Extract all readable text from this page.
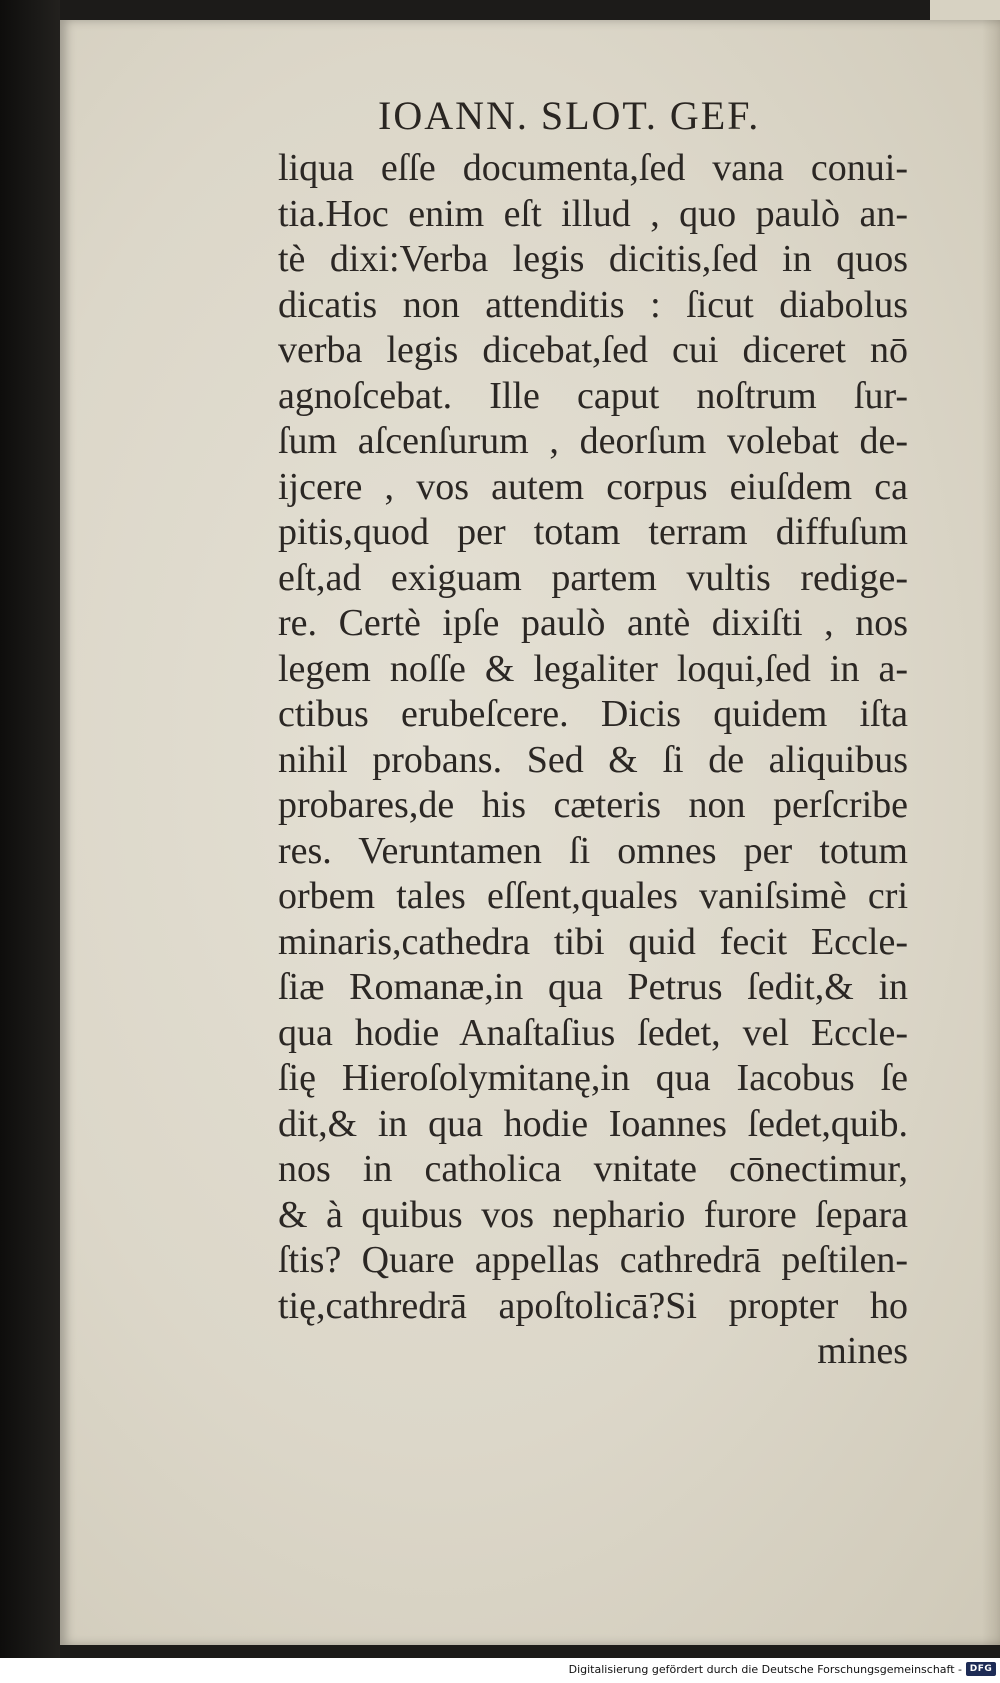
IOANN. SLOT. GEF.
liqua eſſe documenta,ſed vana conui-
tia.Hoc enim eſt illud , quo paulò an-
tè dixi:Verba legis dicitis,ſed in quos
dicatis non attenditis : ſicut diabolus
verba legis dicebat,ſed cui diceret nō
agnoſcebat. Ille caput noſtrum ſur-
ſum aſcenſurum , deorſum volebat de-
ijcere , vos autem corpus eiuſdem ca
pitis,quod per totam terram diffuſum
eſt,ad exiguam partem vultis redige-
re. Certè ipſe paulò antè dixiſti , nos
legem noſſe & legaliter loqui,ſed in a-
ctibus erubeſcere. Dicis quidem iſta
nihil probans. Sed & ſi de aliquibus
probares,de his cæteris non perſcribe
res. Veruntamen ſi omnes per totum
orbem tales eſſent,quales vaniſsimè cri
minaris,cathedra tibi quid fecit Eccle-
ſiæ Romanæ,in qua Petrus ſedit,& in
qua hodie Anaſtaſius ſedet, vel Eccle-
ſię Hieroſolymitanę,in qua Iacobus ſe
dit,& in qua hodie Ioannes ſedet,quib.
nos in catholica vnitate cōnectimur,
& à quibus vos nephario furore ſepara
ſtis? Quare appellas cathredrā peſtilen-
tię,cathredrā apoſtolicā?Si propter ho
mines
Digitalisierung gefördert durch die Deutsche Forschungsgemeinschaft - DFG
